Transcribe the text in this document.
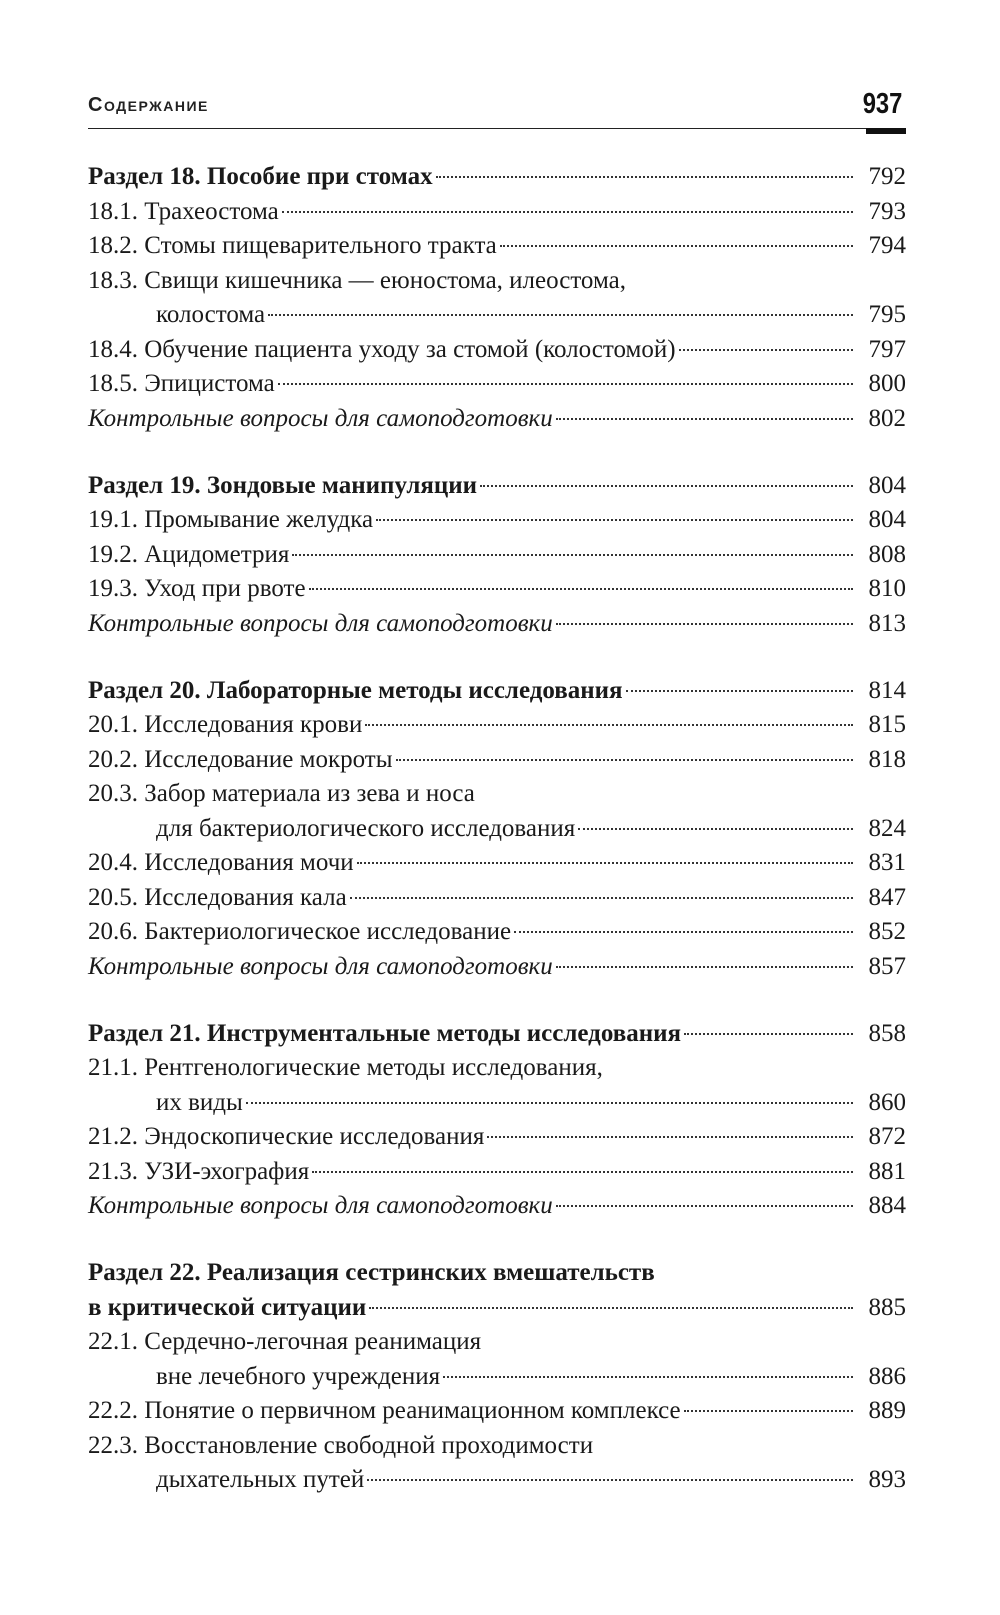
Содержание	937
Раздел 18. Пособие при стомах	792
18.1. Трахеостома	793
18.2. Стомы пищеварительного тракта	794
18.3. Свищи кишечника — еюностома, илеостома,
колостома	795
18.4. Обучение пациента уходу за стомой (колостомой)	797
18.5. Эпицистома	800
Контрольные вопросы для самоподготовки	802
Раздел 19. Зондовые манипуляции	804
19.1. Промывание желудка	804
19.2. Ацидометрия	808
19.3. Уход при рвоте	810
Контрольные вопросы для самоподготовки	813
Раздел 20. Лабораторные методы исследования	814
20.1. Исследования крови	815
20.2. Исследование мокроты	818
20.3. Забор материала из зева и носа
для бактериологического исследования	824
20.4. Исследования мочи	831
20.5. Исследования кала	847
20.6. Бактериологическое исследование	852
Контрольные вопросы для самоподготовки	857
Раздел 21. Инструментальные методы исследования	858
21.1. Рентгенологические методы исследования,
их виды	860
21.2. Эндоскопические исследования	872
21.3. УЗИ-эхография	881
Контрольные вопросы для самоподготовки	884
Раздел 22. Реализация сестринских вмешательств
в критической ситуации	885
22.1. Сердечно-легочная реанимация
вне лечебного учреждения	886
22.2. Понятие о первичном реанимационном комплексе	889
22.3. Восстановление свободной проходимости
дыхательных путей	893
